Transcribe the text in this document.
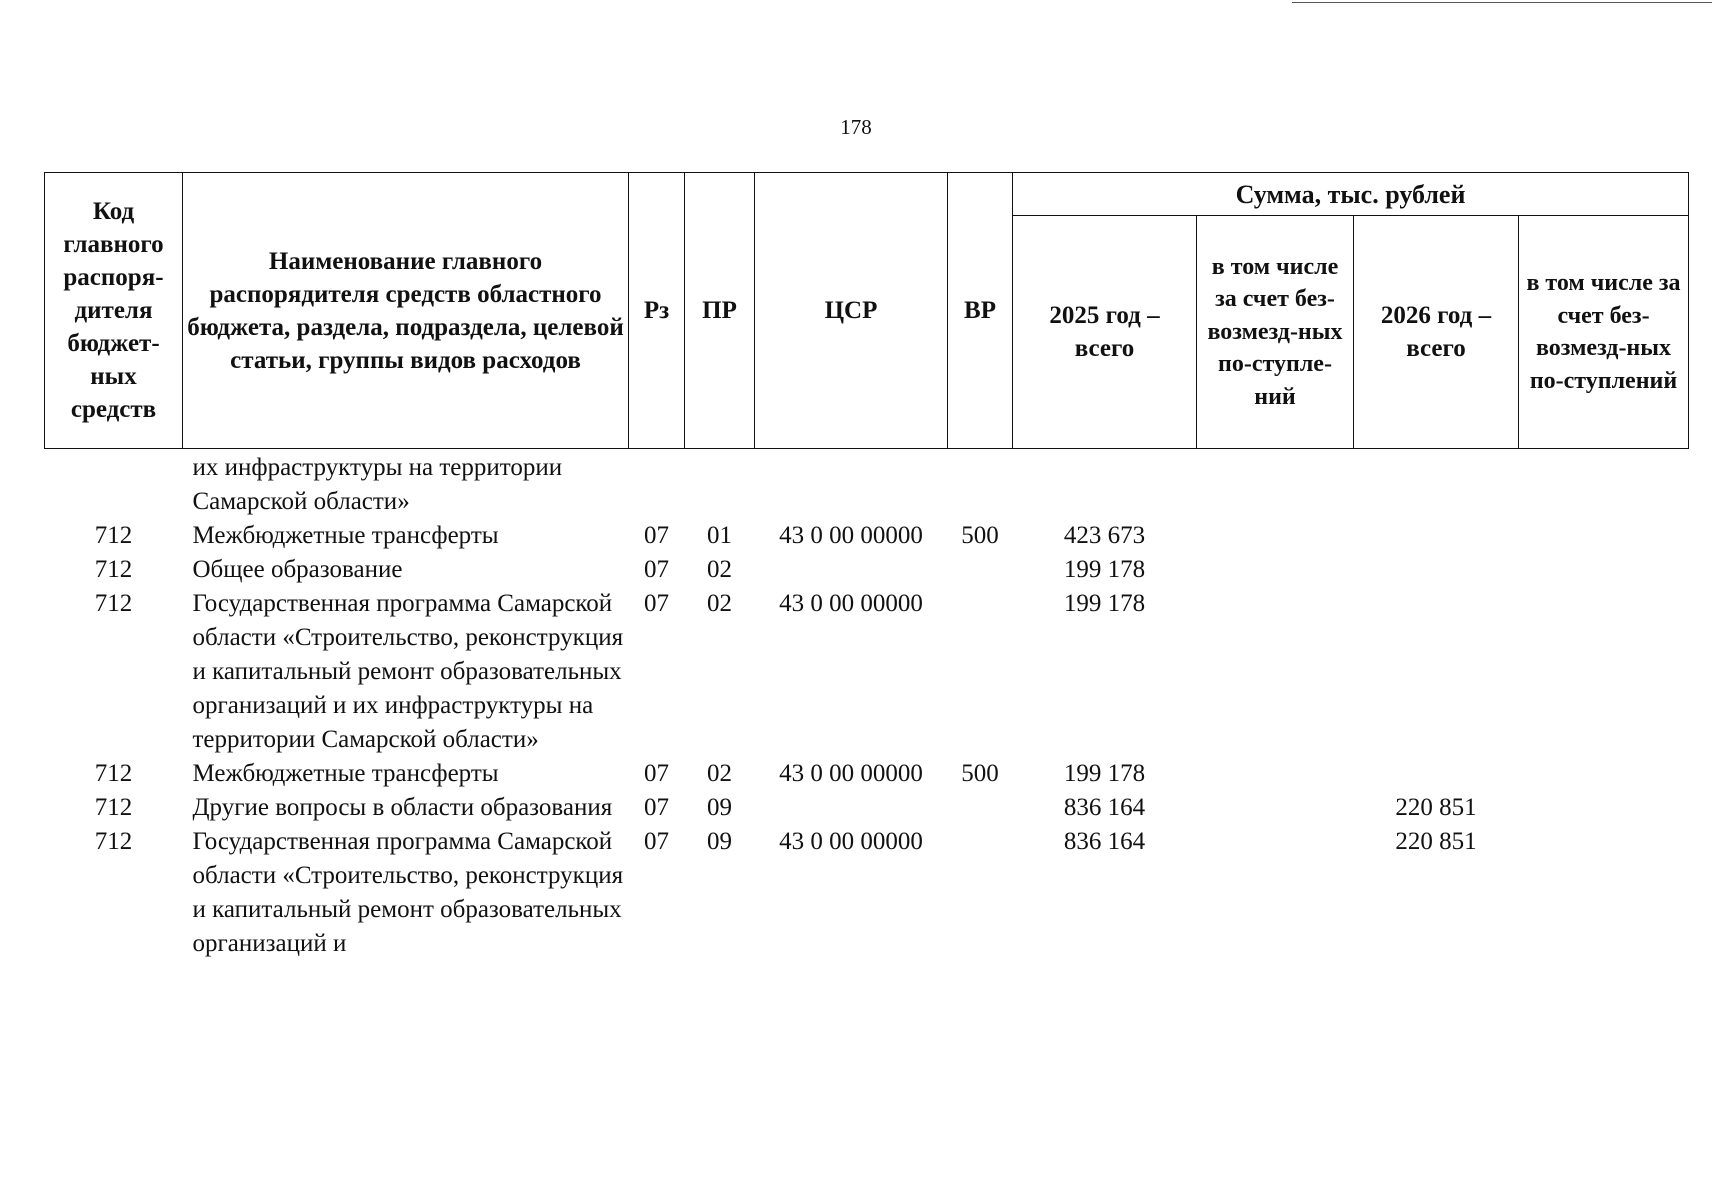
178
Код главного распоря-дителя бюджет-ных средств	Наименование главного распорядителя средств областного бюджета, раздела, подраздела, целевой статьи, группы видов расходов	Рз	ПР	ЦСР	ВР	Сумма, тыс. рублей			
						2025 год – всего	в том числе за счет без-возмезд-ных по-ступле-ний	2026 год – всего	в том числе за счет без-возмезд-ных по-ступлений
	их инфраструктуры на территории Самарской области»								
712	Межбюджетные трансферты	07	01	43 0 00 00000	500	423 673			
712	Общее образование	07	02			199 178			
712	Государственная программа Самарской области «Строительство, реконструкция и капитальный ремонт образовательных организаций и их инфраструктуры на территории Самарской области»	07	02	43 0 00 00000		199 178			
712	Межбюджетные трансферты	07	02	43 0 00 00000	500	199 178			
712	Другие вопросы в области образования	07	09			836 164		220 851	
712	Государственная программа Самарской области «Строительство, реконструкция и капитальный ремонт образовательных организаций и	07	09	43 0 00 00000		836 164		220 851	
